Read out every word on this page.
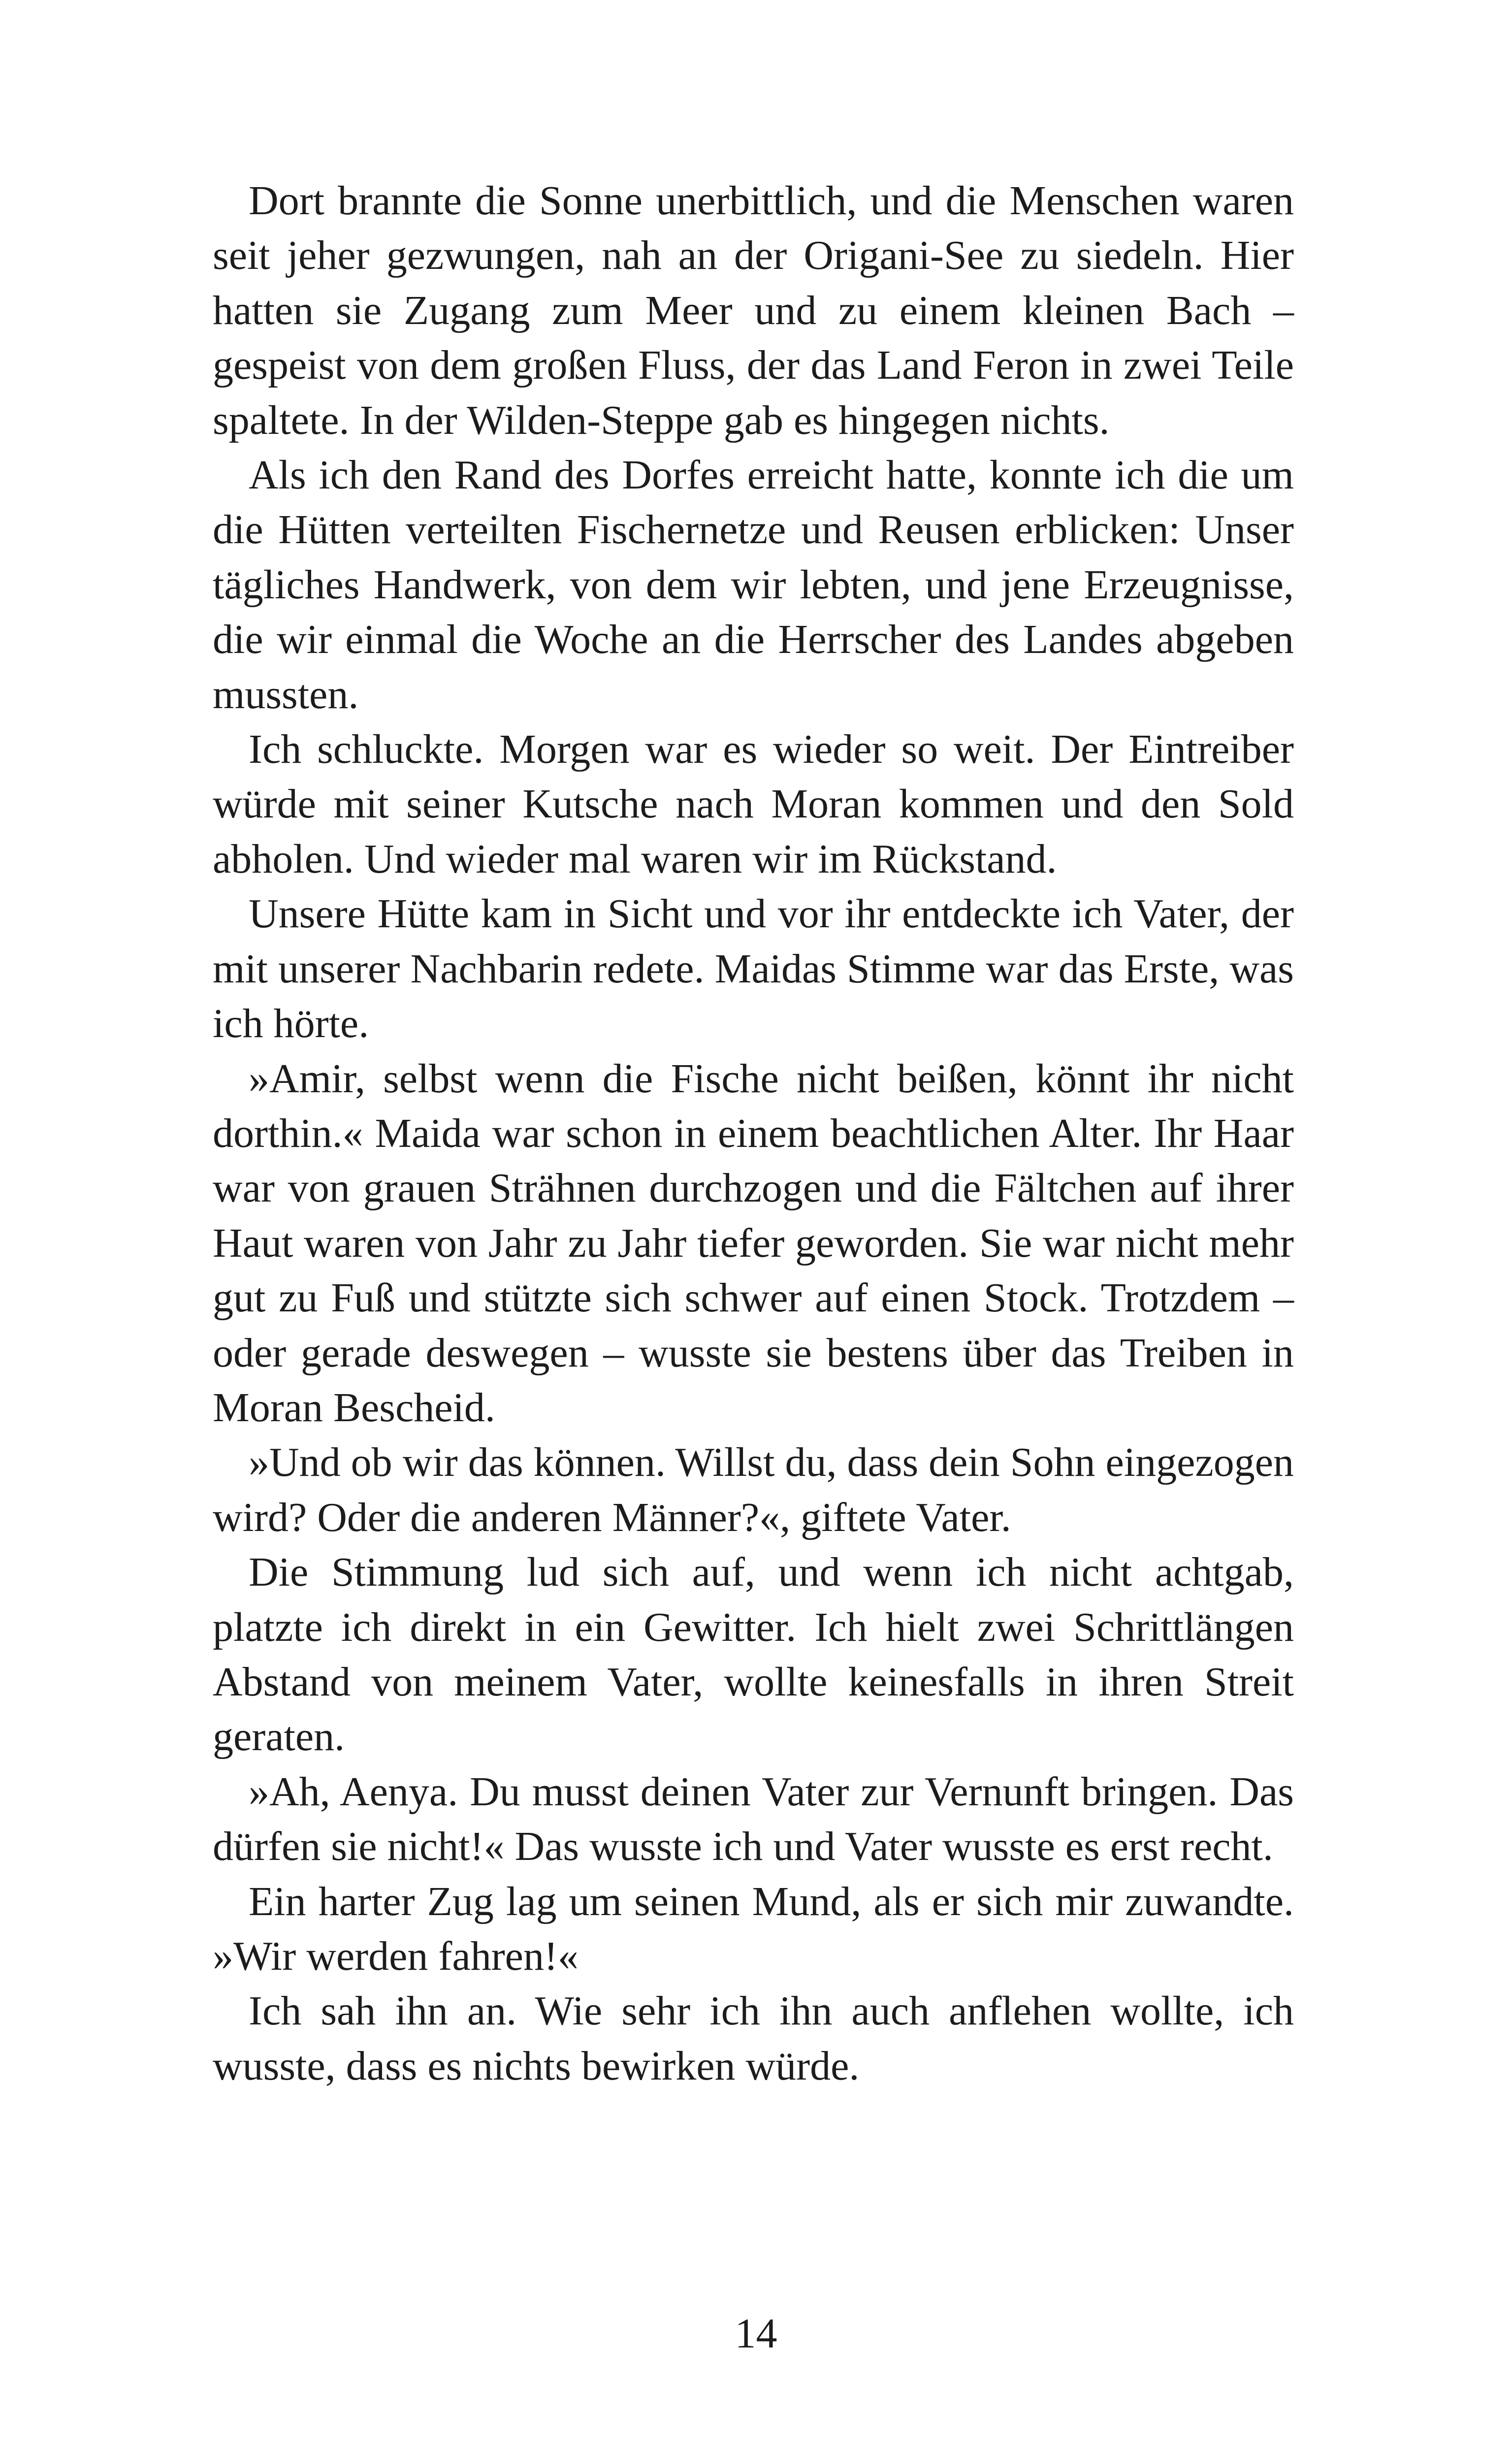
Dort brannte die Sonne unerbittlich, und die Menschen waren seit jeher gezwungen, nah an der Origani-See zu siedeln. Hier hatten sie Zugang zum Meer und zu einem kleinen Bach – gespeist von dem großen Fluss, der das Land Feron in zwei Teile spaltete. In der Wilden-Steppe gab es hingegen nichts.

Als ich den Rand des Dorfes erreicht hatte, konnte ich die um die Hütten verteilten Fischernetze und Reusen erblicken: Unser tägliches Handwerk, von dem wir lebten, und jene Erzeugnisse, die wir einmal die Woche an die Herrscher des Landes abgeben mussten.

Ich schluckte. Morgen war es wieder so weit. Der Eintreiber würde mit seiner Kutsche nach Moran kommen und den Sold abholen. Und wieder mal waren wir im Rückstand.

Unsere Hütte kam in Sicht und vor ihr entdeckte ich Vater, der mit unserer Nachbarin redete. Maidas Stimme war das Erste, was ich hörte.

»Amir, selbst wenn die Fische nicht beißen, könnt ihr nicht dorthin.« Maida war schon in einem beachtlichen Alter. Ihr Haar war von grauen Strähnen durchzogen und die Fältchen auf ihrer Haut waren von Jahr zu Jahr tiefer geworden. Sie war nicht mehr gut zu Fuß und stützte sich schwer auf einen Stock. Trotzdem – oder gerade deswegen – wusste sie bestens über das Treiben in Moran Bescheid.

»Und ob wir das können. Willst du, dass dein Sohn eingezogen wird? Oder die anderen Männer?«, giftete Vater.

Die Stimmung lud sich auf, und wenn ich nicht achtgab, platzte ich direkt in ein Gewitter. Ich hielt zwei Schrittlängen Abstand von meinem Vater, wollte keinesfalls in ihren Streit geraten.

»Ah, Aenya. Du musst deinen Vater zur Vernunft bringen. Das dürfen sie nicht!« Das wusste ich und Vater wusste es erst recht.

Ein harter Zug lag um seinen Mund, als er sich mir zuwandte. »Wir werden fahren!«

Ich sah ihn an. Wie sehr ich ihn auch anflehen wollte, ich wusste, dass es nichts bewirken würde.

14
